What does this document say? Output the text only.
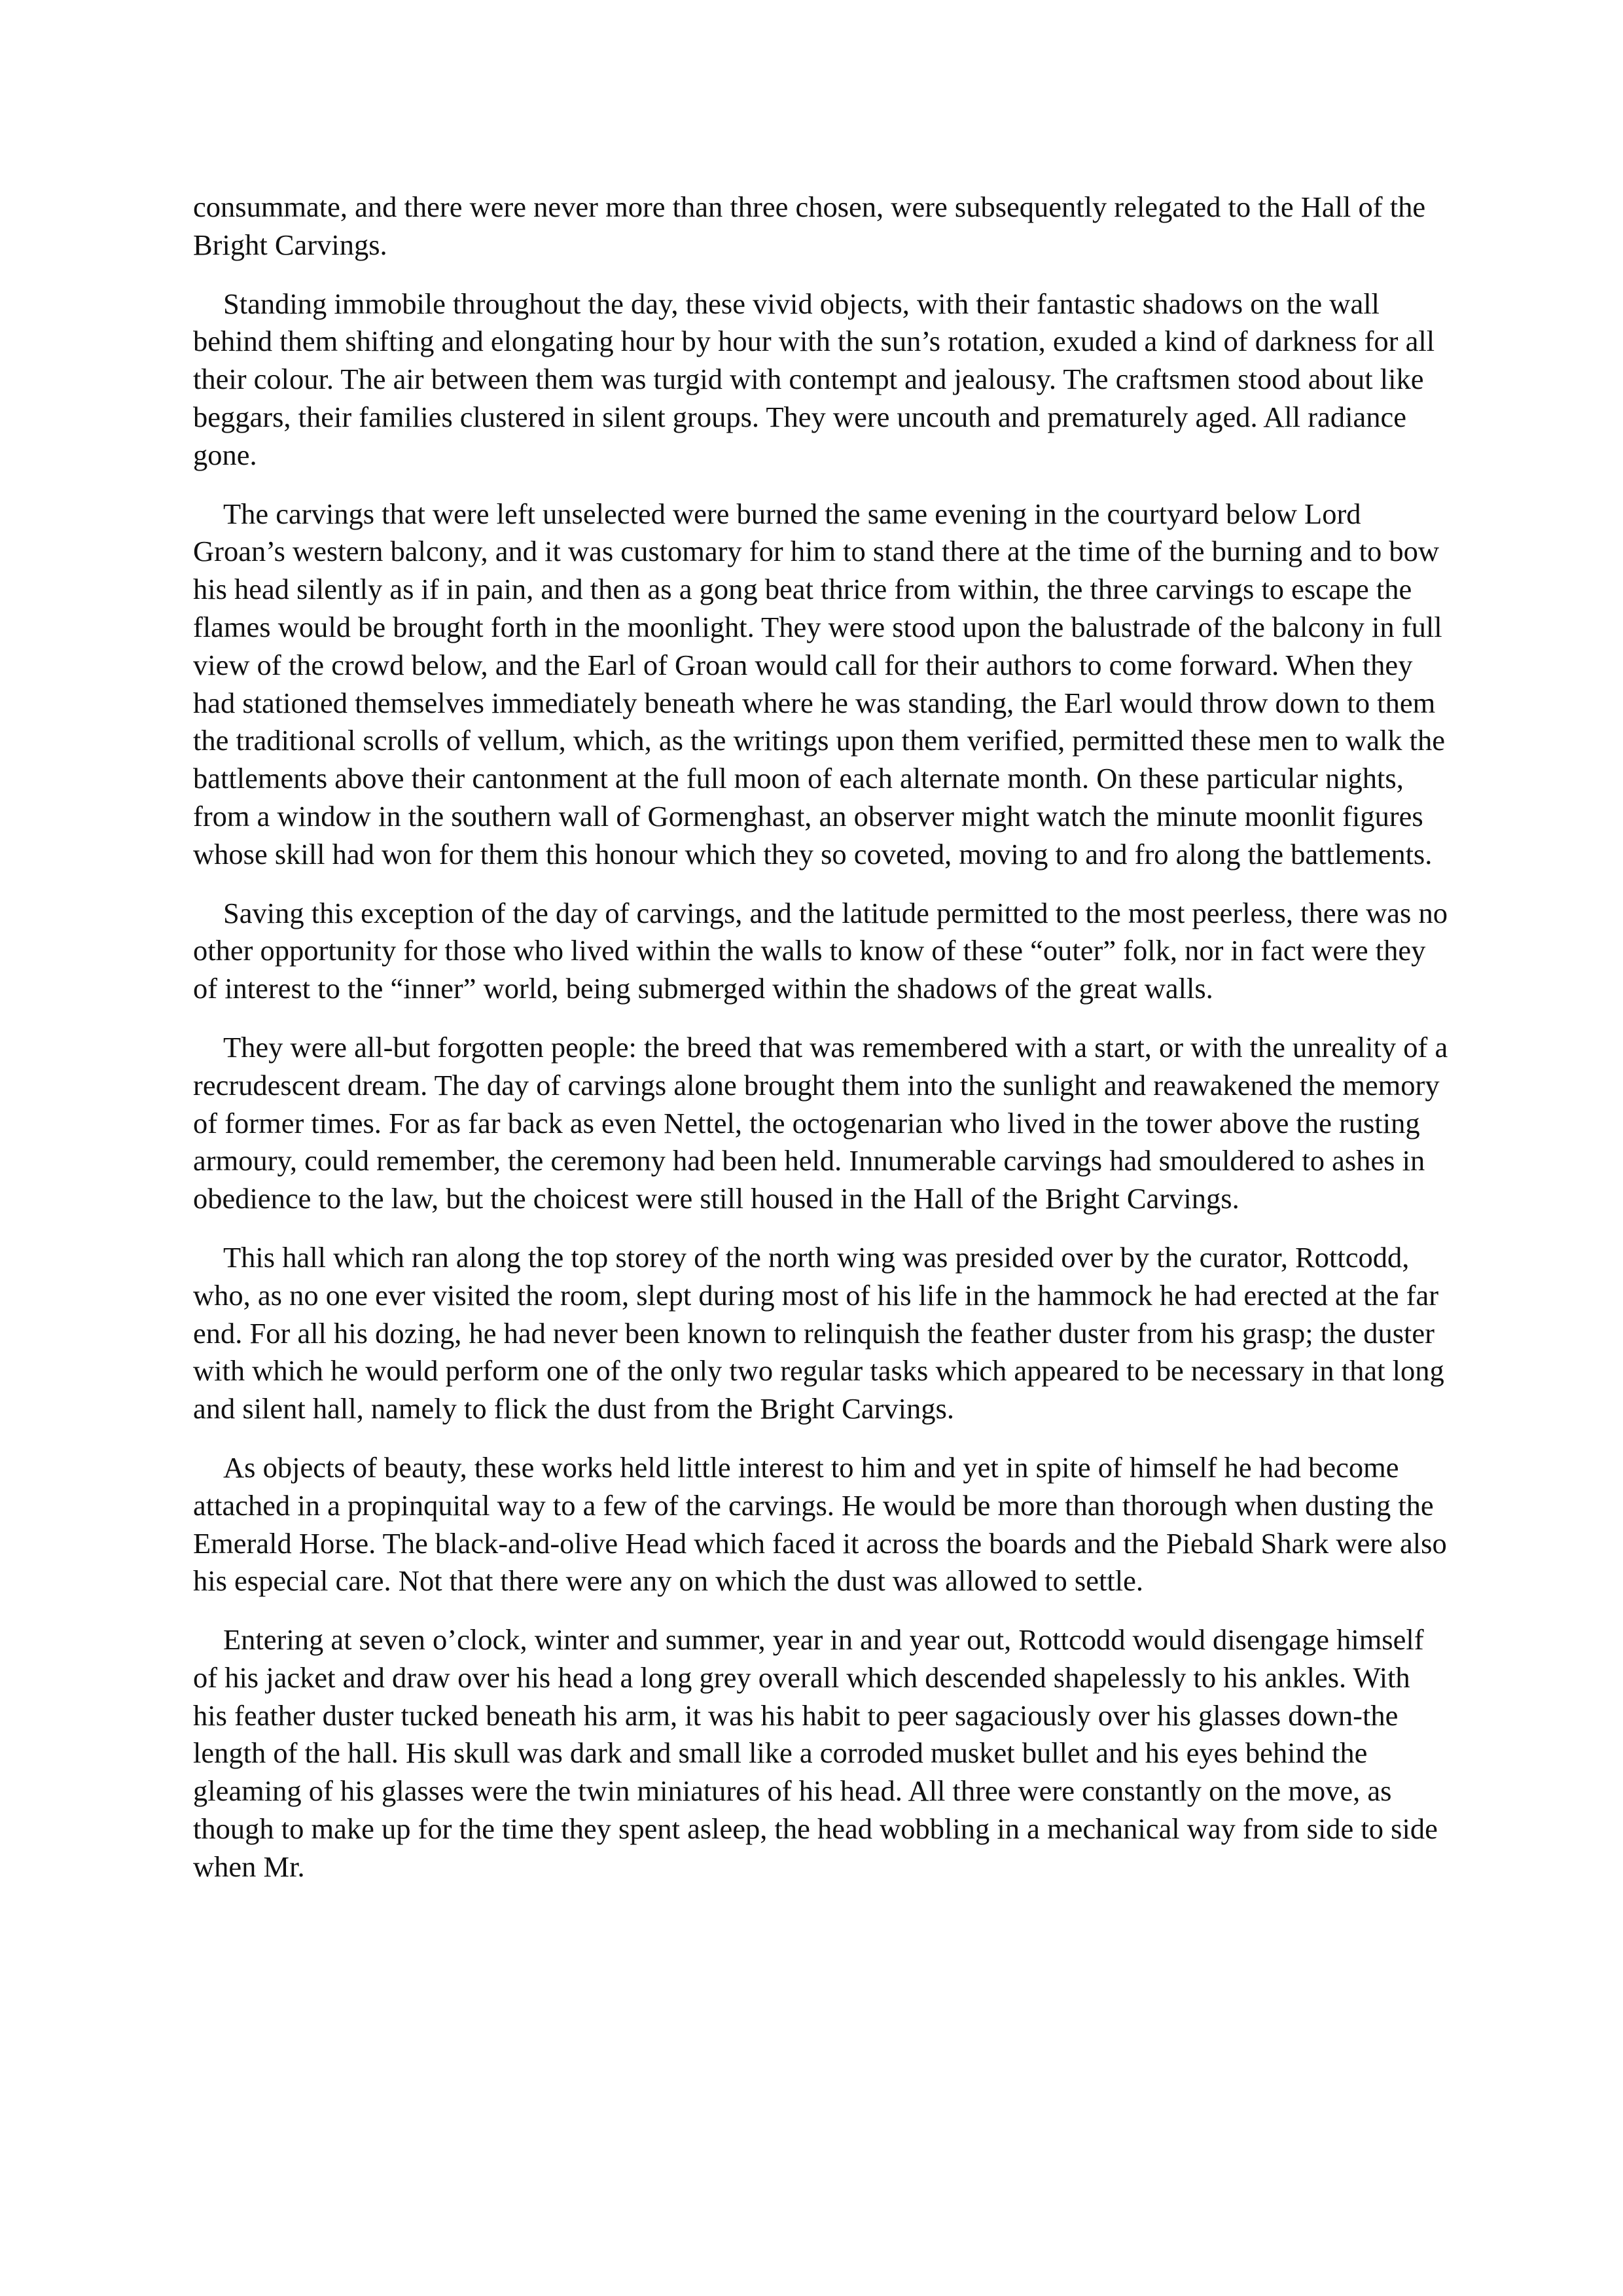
consummate, and there were never more than three chosen, were subsequently relegated to the Hall of the Bright Carvings.

Standing immobile throughout the day, these vivid objects, with their fantastic shadows on the wall behind them shifting and elongating hour by hour with the sun’s rotation, exuded a kind of darkness for all their colour. The air between them was turgid with contempt and jealousy. The craftsmen stood about like beggars, their families clustered in silent groups. They were uncouth and prematurely aged. All radiance gone.

The carvings that were left unselected were burned the same evening in the courtyard below Lord Groan’s western balcony, and it was customary for him to stand there at the time of the burning and to bow his head silently as if in pain, and then as a gong beat thrice from within, the three carvings to escape the flames would be brought forth in the moonlight. They were stood upon the balustrade of the balcony in full view of the crowd below, and the Earl of Groan would call for their authors to come forward. When they had stationed themselves immediately beneath where he was standing, the Earl would throw down to them the traditional scrolls of vellum, which, as the writings upon them verified, permitted these men to walk the battlements above their cantonment at the full moon of each alternate month. On these particular nights, from a window in the southern wall of Gormenghast, an observer might watch the minute moonlit figures whose skill had won for them this honour which they so coveted, moving to and fro along the battlements.

Saving this exception of the day of carvings, and the latitude permitted to the most peerless, there was no other opportunity for those who lived within the walls to know of these “outer” folk, nor in fact were they of interest to the “inner” world, being submerged within the shadows of the great walls.

They were all-but forgotten people: the breed that was remembered with a start, or with the unreality of a recrudescent dream. The day of carvings alone brought them into the sunlight and reawakened the memory of former times. For as far back as even Nettel, the octogenarian who lived in the tower above the rusting armoury, could remember, the ceremony had been held. Innumerable carvings had smouldered to ashes in obedience to the law, but the choicest were still housed in the Hall of the Bright Carvings.

This hall which ran along the top storey of the north wing was presided over by the curator, Rottcodd, who, as no one ever visited the room, slept during most of his life in the hammock he had erected at the far end. For all his dozing, he had never been known to relinquish the feather duster from his grasp; the duster with which he would perform one of the only two regular tasks which appeared to be necessary in that long and silent hall, namely to flick the dust from the Bright Carvings.

As objects of beauty, these works held little interest to him and yet in spite of himself he had become attached in a propinquital way to a few of the carvings. He would be more than thorough when dusting the Emerald Horse. The black-and-olive Head which faced it across the boards and the Piebald Shark were also his especial care. Not that there were any on which the dust was allowed to settle.

Entering at seven o’clock, winter and summer, year in and year out, Rottcodd would disengage himself of his jacket and draw over his head a long grey overall which descended shapelessly to his ankles. With his feather duster tucked beneath his arm, it was his habit to peer sagaciously over his glasses down-the length of the hall. His skull was dark and small like a corroded musket bullet and his eyes behind the gleaming of his glasses were the twin miniatures of his head. All three were constantly on the move, as though to make up for the time they spent asleep, the head wobbling in a mechanical way from side to side when Mr.
